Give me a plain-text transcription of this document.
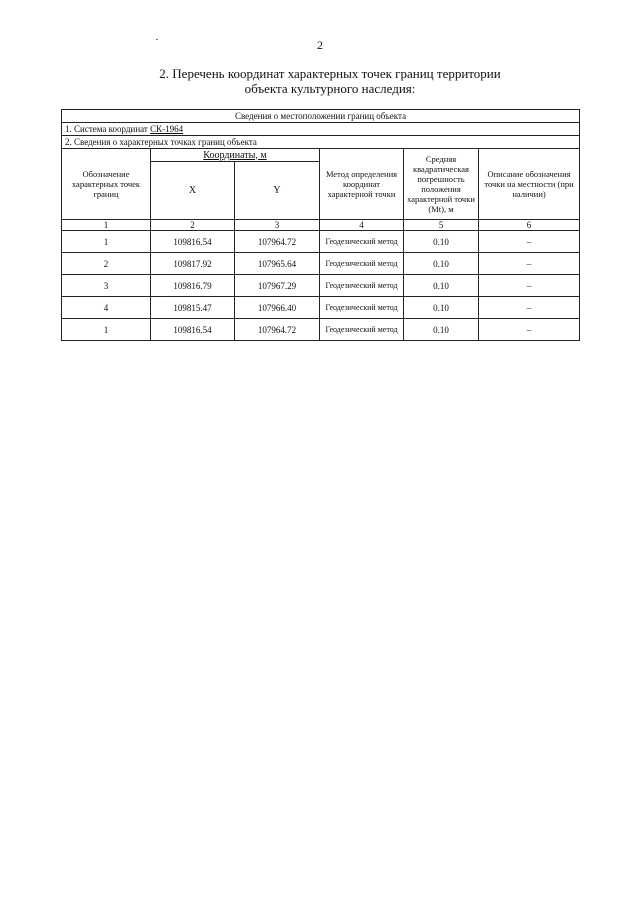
2
2. Перечень координат характерных точек границ территории
объекта культурного наследия:
Сведения о местоположении границ объекта					
1. Система координат СК-1964					
2. Сведения о характерных точках границ объекта					
Обозначение характерных точек границ	Координаты, м		Метод определения координат характерной точки	Средняя квадратическая погрешность положения характерной точки (Mt), м	Описание обозначения точки на местности (при наличии)
	X	Y			
1	2	3	4	5	6
1	109816.54	107964.72	Геодезический метод	0.10	–
2	109817.92	107965.64	Геодезический метод	0.10	–
3	109816.79	107967.29	Геодезический метод	0.10	–
4	109815.47	107966.40	Геодезический метод	0.10	–
1	109816.54	107964.72	Геодезический метод	0.10	–
